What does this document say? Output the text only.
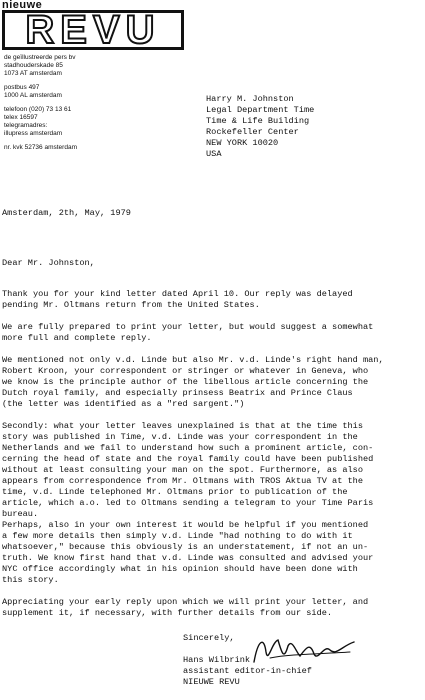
nieuwe
REVU
de geïllustreerde pers bv
stadhouderskade 85
1073 AT amsterdam
postbus 497
1000 AL amsterdam
telefoon (020) 73 13 61
telex 16597
telegramadres:
illupress amsterdam
nr. kvk 52736 amsterdam
Harry M. Johnston
Legal Department Time
Time & Life Building
Rockefeller Center
NEW YORK 10020
USA
Amsterdam, 2th, May, 1979
Dear Mr. Johnston,

Thank you for your kind letter dated April 10. Our reply was delayed
pending Mr. Oltmans return from the United States.

We are fully prepared to print your letter, but would suggest a somewhat
more full and complete reply.

We mentioned not only v.d. Linde but also Mr. v.d. Linde's right hand man,
Robert Kroon, your correspondent or stringer or whatever in Geneva, who
we know is the principle author of the libellous article concerning the
Dutch royal family, and especially prinsess Beatrix and Prince Claus
(the letter was identified as a "red sargent.")

Secondly: what your letter leaves unexplained is that at the time this
story was published in Time, v.d. Linde was your correspondent in the
Netherlands and we fail to understand how such a prominent article, con-
cerning the head of state and the royal family could have been published
without at least consulting your man on the spot. Furthermore, as also
appears from correspondence from Mr. Oltmans with TROS Aktua TV at the
time, v.d. Linde telephoned Mr. Oltmans prior to publication of the
article, which a.o. led to Oltmans sending a telegram to your Time Paris
bureau.
Perhaps, also in your own interest it would be helpful if you mentioned
a few more details then simply v.d. Linde "had nothing to do with it
whatsoever," because this obviously is an understatement, if not an un-
truth. We know first hand that v.d. Linde was consulted and advised your
NYC office accordingly what in his opinion should have been done with
this story.

Appreciating your early reply upon which we will print your letter, and
supplement it, if necessary, with further details from our side.

Sincerely,

Hans Wilbrink
assistant editor-in-chief
NIEUWE REVU
